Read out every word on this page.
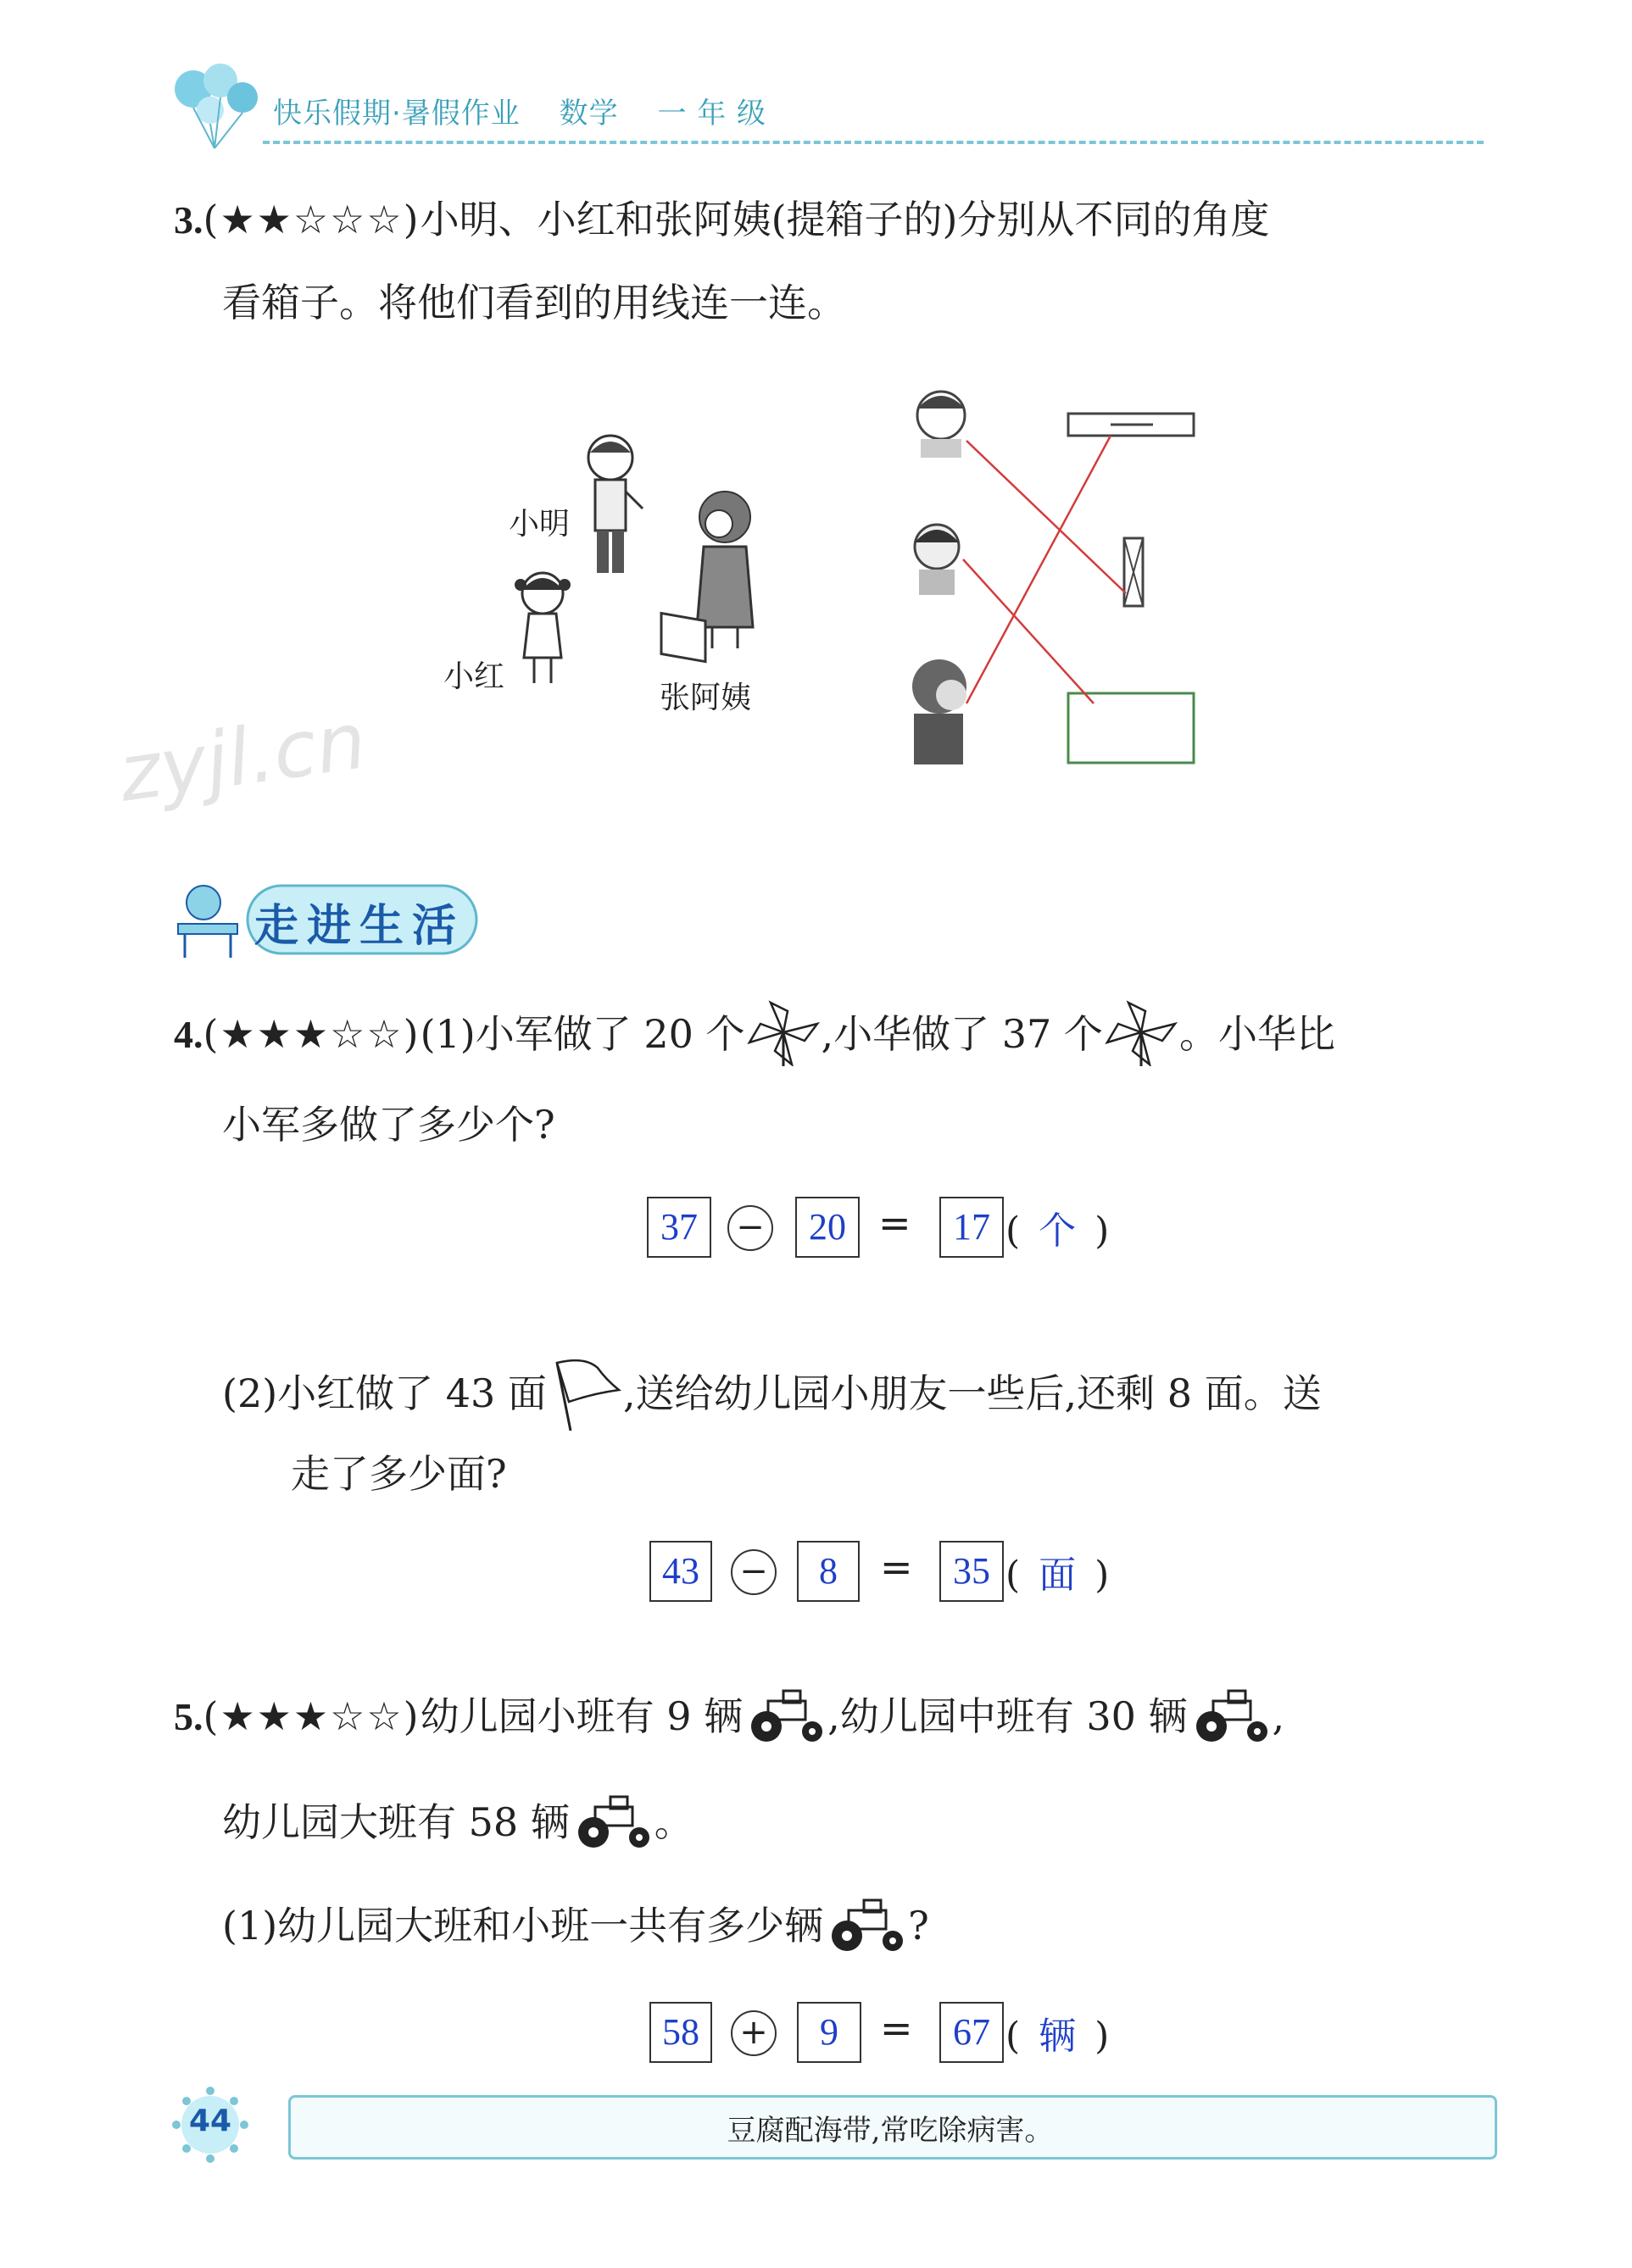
快乐假期·暑假作业 数学 一 年 级
3.(★★☆☆☆)小明、小红和张阿姨(提箱子的)分别从不同的角度
看箱子。将他们看到的用线连一连。
小明
小红
张阿姨
zyjl.cn
走进生活
4.(★★★☆☆)(1)小军做了 20 个 ,小华做了 37 个 。小华比
小军多做了多少个?
37	−	20 =	17 ( 个 )
(2)小红做了 43 面 ,送给幼儿园小朋友一些后,还剩 8 面。送
走了多少面?
43	−	8	=	35 ( 面 )
5.(★★★☆☆)幼儿园小班有 9 辆 ,幼儿园中班有 30 辆 ,
幼儿园大班有 58 辆 。
(1)幼儿园大班和小班一共有多少辆 ?
58	+	9	=	67 ( 辆 )
44	豆腐配海带,常吃除病害。
